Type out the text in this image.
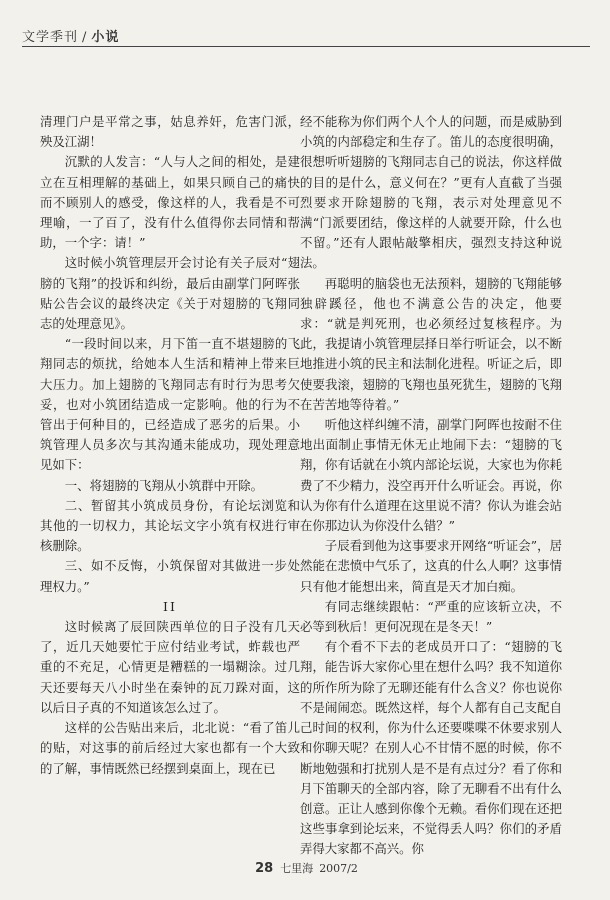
文学季刊 / 小说

清理门户是平常之事，姑息养奸，危害门派，殃及江湖！

沉默的人发言：“人与人之间的相处，是建立在互相理解的基础上，如果只顾自己的痛快而不顾别人的感受，像这样的人，我看是不可理喻，一了百了，没有什么值得你去同情和帮助，一个字：请！”

这时候小筑管理层开会讨论有关子辰对“翅膀的飞翔”的投诉和纠纷，最后由副掌门阿晖张贴公告会议的最终决定《关于对翅膀的飞翔同志的处理意见》。

“一段时间以来，月下笛一直不堪翅膀的飞翔同志的烦扰，给她本人生活和精神上带来巨大压力。加上翅膀的飞翔同志有时行为思考欠妥，也对小筑团结造成一定影响。他的行为不管出于何种目的，已经造成了恶劣的后果。小筑管理人员多次与其沟通未能成功，现处理意见如下：

一、将翅膀的飞翔从小筑群中开除。

二、暂留其小筑成员身份，有论坛浏览和其他的一切权力，其论坛文字小筑有权进行审核删除。

三、如不反悔，小筑保留对其做进一步处理权力。”

II

这时候离了辰回陕西单位的日子没有几天了，近几天她要忙于应付结业考试，蚱载也严重的不充足，心情更是糟糕的一塌糊涂。过几天还要每天八小时坐在秦钟的瓦刀跺对面，这以后日子真的不知道该怎么过了。

这样的公告贴出来后，北北说：“看了笛儿的贴，对这事的前后经过大家也都有一个大致的了解，事情既然已经摆到桌面上，现在已

经不能称为你们两个人个人的问题，而是威胁到小筑的内部稳定和生存了。笛儿的态度很明确，很想听听翅膀的飞翔同志自己的说法，你这样做的目的是什么，意义何在？”更有人直截了当强烈要求开除翅膀的飞翔，表示对处理意见不满“门派要团结，像这样的人就要开除，什么也不留。”还有人跟帖敲擎相庆，强烈支持这种说法。

再聪明的脑袋也无法预料，翅膀的飞翔能够独辟蹊径，他也不满意公告的决定，他要求：“就是判死刑，也必须经过复核程序。为此，我提请小筑管理层择日举行听证会，以不断地推进小筑的民主和法制化进程。听证之后，即使要我滚，翅膀的飞翔也虽死犹生，翅膀的飞翔在苦苦地等待着。”

听他这样纠缠不清，副掌门阿晖也按耐不住地出面制止事情无休无止地闹下去：“翅膀的飞翔，你有话就在小筑内部论坛说，大家也为你耗费了不少精力，没空再开什么听证会。再说，你认为你有什么道理在这里说不清？你认为谁会站在你那边认为你没什么错？”

子辰看到他为这事要求开网络“听证会”，居然能在悲愤中气乐了，这真的什么人啊？这事情只有他才能想出来，简直是天才加白痴。

有同志继续跟帖：“严重的应该斩立决，不必等到秋后！更何况现在是冬天！”

有个看不下去的老成员开口了：“翅膀的飞翔，能告诉大家你心里在想什么吗？我不知道你的所作所为除了无聊还能有什么含义？你也说你不是闹闹恋。既然这样，每个人都有自己支配自己时间的权利，你为什么还要喋喋不休要求别人和你聊天呢？在别人心不甘情不愿的时候，你不断地勉强和打扰别人是不是有点过分？看了你和月下笛聊天的全部内容，除了无聊看不出有什么创意。正让人感到你像个无赖。看你们现在还把这些事拿到论坛来，不觉得丢人吗？你们的矛盾弄得大家都不高兴。你

28 七里海 2007/2
